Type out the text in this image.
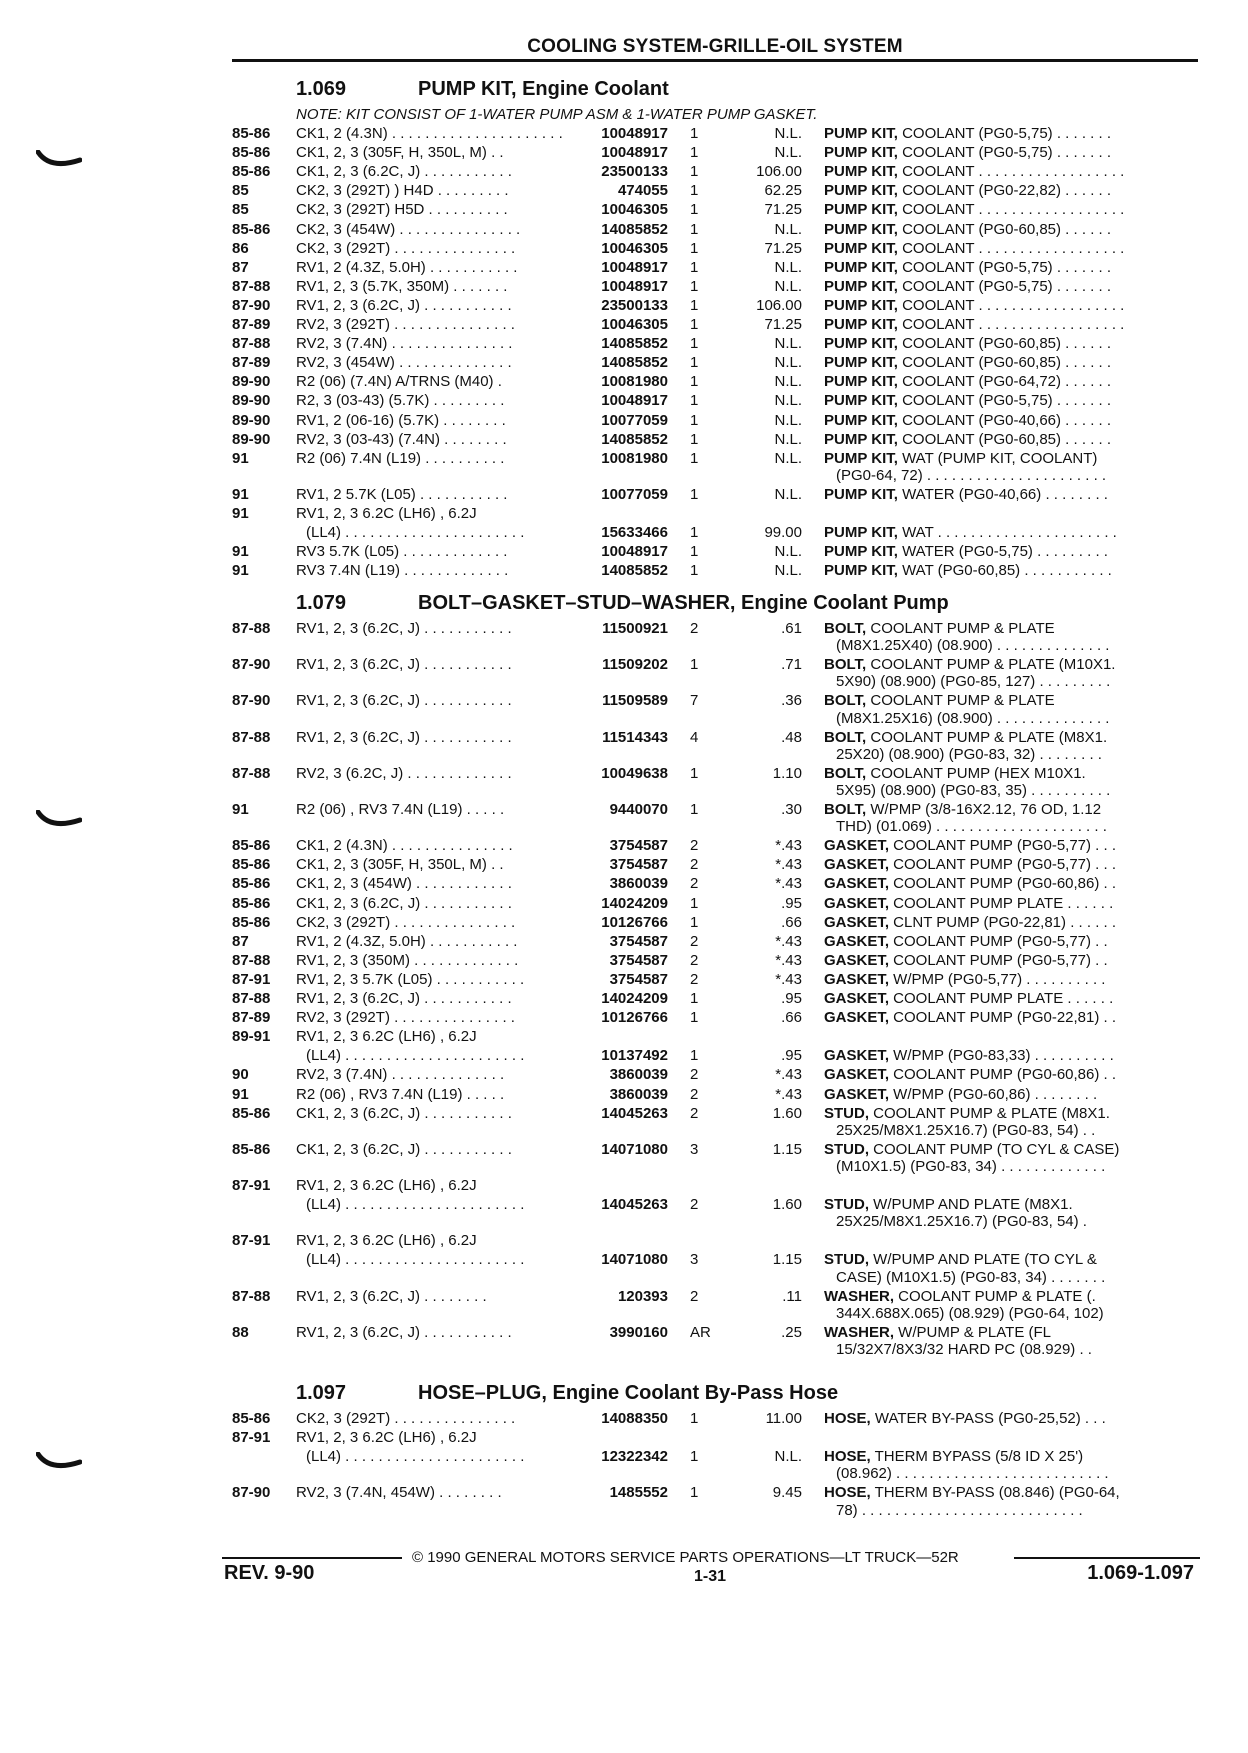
COOLING SYSTEM-GRILLE-OIL SYSTEM
1.069	PUMP KIT, Engine Coolant
NOTE: KIT CONSIST OF 1-WATER PUMP ASM & 1-WATER PUMP GASKET.
85-86	CK1, 2 (4.3N) . . . . . . . . . . . . . . . . . . . . .	10048917 1	N.L. PUMP KIT, COOLANT (PG0-5,75) . . . . . . .
85-86	CK1, 2, 3 (305F, H, 350L, M) . .	10048917 1	N.L. PUMP KIT, COOLANT (PG0-5,75) . . . . . . .
85-86	CK1, 2, 3 (6.2C, J) . . . . . . . . . . .	23500133 1	106.00 PUMP KIT, COOLANT . . . . . . . . . . . . . . . . . .
85	CK2, 3 (292T) ) H4D . . . . . . . . .	474055 1	62.25 PUMP KIT, COOLANT (PG0-22,82) . . . . . .
85	CK2, 3 (292T) H5D . . . . . . . . . .	10046305 1	71.25 PUMP KIT, COOLANT . . . . . . . . . . . . . . . . . .
85-86	CK2, 3 (454W) . . . . . . . . . . . . . . .	14085852 1	N.L. PUMP KIT, COOLANT (PG0-60,85) . . . . . .
86	CK2, 3 (292T) . . . . . . . . . . . . . . .	10046305 1	71.25 PUMP KIT, COOLANT . . . . . . . . . . . . . . . . . .
87	RV1, 2 (4.3Z, 5.0H) . . . . . . . . . . .	10048917 1	N.L. PUMP KIT, COOLANT (PG0-5,75) . . . . . . .
87-88	RV1, 2, 3 (5.7K, 350M) . . . . . . .	10048917 1	N.L. PUMP KIT, COOLANT (PG0-5,75) . . . . . . .
87-90	RV1, 2, 3 (6.2C, J) . . . . . . . . . . .	23500133 1	106.00 PUMP KIT, COOLANT . . . . . . . . . . . . . . . . . .
87-89	RV2, 3 (292T) . . . . . . . . . . . . . . .	10046305 1	71.25 PUMP KIT, COOLANT . . . . . . . . . . . . . . . . . .
87-88	RV2, 3 (7.4N) . . . . . . . . . . . . . . .	14085852 1	N.L. PUMP KIT, COOLANT (PG0-60,85) . . . . . .
87-89	RV2, 3 (454W) . . . . . . . . . . . . . .	14085852 1	N.L. PUMP KIT, COOLANT (PG0-60,85) . . . . . .
89-90	R2 (06) (7.4N) A/TRNS (M40) .	10081980 1	N.L. PUMP KIT, COOLANT (PG0-64,72) . . . . . .
89-90	R2, 3 (03-43) (5.7K) . . . . . . . . .	10048917 1	N.L. PUMP KIT, COOLANT (PG0-5,75) . . . . . . .
89-90	RV1, 2 (06-16) (5.7K) . . . . . . . .	10077059 1	N.L. PUMP KIT, COOLANT (PG0-40,66) . . . . . .
89-90	RV2, 3 (03-43) (7.4N) . . . . . . . .	14085852 1	N.L. PUMP KIT, COOLANT (PG0-60,85) . . . . . .
91	R2 (06) 7.4N (L19) . . . . . . . . . .	10081980 1	N.L. PUMP KIT, WAT (PUMP KIT, COOLANT)
(PG0-64, 72) . . . . . . . . . . . . . . . . . . . . . .
91	RV1, 2 5.7K (L05) . . . . . . . . . . .	10077059 1	N.L. PUMP KIT, WATER (PG0-40,66) . . . . . . . .
91	RV1, 2, 3 6.2C (LH6) , 6.2J
(LL4) . . . . . . . . . . . . . . . . . . . . . .	15633466 1	99.00 PUMP KIT, WAT . . . . . . . . . . . . . . . . . . . . . .
91	RV3 5.7K (L05) . . . . . . . . . . . . .	10048917 1	N.L. PUMP KIT, WATER (PG0-5,75) . . . . . . . . .
91	RV3 7.4N (L19) . . . . . . . . . . . . .	14085852 1	N.L. PUMP KIT, WAT (PG0-60,85) . . . . . . . . . . .
1.079	BOLT–GASKET–STUD–WASHER, Engine Coolant Pump
87-88	RV1, 2, 3 (6.2C, J) . . . . . . . . . . .	11500921 2	.61 BOLT, COOLANT PUMP & PLATE
(M8X1.25X40) (08.900) . . . . . . . . . . . . . .
87-90	RV1, 2, 3 (6.2C, J) . . . . . . . . . . .	11509202 1	.71 BOLT, COOLANT PUMP & PLATE (M10X1.
5X90) (08.900) (PG0-85, 127) . . . . . . . . .
87-90	RV1, 2, 3 (6.2C, J) . . . . . . . . . . .	11509589 7	.36 BOLT, COOLANT PUMP & PLATE
(M8X1.25X16) (08.900) . . . . . . . . . . . . . .
87-88	RV1, 2, 3 (6.2C, J) . . . . . . . . . . .	11514343 4	.48 BOLT, COOLANT PUMP & PLATE (M8X1.
25X20) (08.900) (PG0-83, 32) . . . . . . . .
87-88	RV2, 3 (6.2C, J) . . . . . . . . . . . . .	10049638 1	1.10 BOLT, COOLANT PUMP (HEX M10X1.
5X95) (08.900) (PG0-83, 35) . . . . . . . . . .
91	R2 (06) , RV3 7.4N (L19) . . . . .	9440070 1	.30 BOLT, W/PMP (3/8-16X2.12, 76 OD, 1.12
THD) (01.069) . . . . . . . . . . . . . . . . . . . . .
85-86	CK1, 2 (4.3N) . . . . . . . . . . . . . . .	3754587 2	*.43 GASKET, COOLANT PUMP (PG0-5,77) . . .
85-86	CK1, 2, 3 (305F, H, 350L, M) . .	3754587 2	*.43 GASKET, COOLANT PUMP (PG0-5,77) . . .
85-86	CK1, 2, 3 (454W) . . . . . . . . . . . .	3860039 2	*.43 GASKET, COOLANT PUMP (PG0-60,86) . .
85-86	CK1, 2, 3 (6.2C, J) . . . . . . . . . . .	14024209 1	.95 GASKET, COOLANT PUMP PLATE . . . . . .
85-86	CK2, 3 (292T) . . . . . . . . . . . . . . .	10126766 1	.66 GASKET, CLNT PUMP (PG0-22,81) . . . . . .
87	RV1, 2 (4.3Z, 5.0H) . . . . . . . . . . .	3754587 2	*.43 GASKET, COOLANT PUMP (PG0-5,77) . .
87-88	RV1, 2, 3 (350M) . . . . . . . . . . . . .	3754587 2	*.43 GASKET, COOLANT PUMP (PG0-5,77) . .
87-91	RV1, 2, 3 5.7K (L05) . . . . . . . . . . .	3754587 2	*.43 GASKET, W/PMP (PG0-5,77) . . . . . . . . . .
87-88	RV1, 2, 3 (6.2C, J) . . . . . . . . . . .	14024209 1	.95 GASKET, COOLANT PUMP PLATE . . . . . .
87-89	RV2, 3 (292T) . . . . . . . . . . . . . . .	10126766 1	.66 GASKET, COOLANT PUMP (PG0-22,81) . .
89-91	RV1, 2, 3 6.2C (LH6) , 6.2J
(LL4) . . . . . . . . . . . . . . . . . . . . . .	10137492 1	.95 GASKET, W/PMP (PG0-83,33) . . . . . . . . . .
90	RV2, 3 (7.4N) . . . . . . . . . . . . . .	3860039 2	*.43 GASKET, COOLANT PUMP (PG0-60,86) . .
91	R2 (06) , RV3 7.4N (L19) . . . . .	3860039 2	*.43 GASKET, W/PMP (PG0-60,86) . . . . . . . .
85-86	CK1, 2, 3 (6.2C, J) . . . . . . . . . . .	14045263 2	1.60 STUD, COOLANT PUMP & PLATE (M8X1.
25X25/M8X1.25X16.7) (PG0-83, 54) . .
85-86	CK1, 2, 3 (6.2C, J) . . . . . . . . . . .	14071080 3	1.15 STUD, COOLANT PUMP (TO CYL & CASE)
(M10X1.5) (PG0-83, 34) . . . . . . . . . . . . .
87-91	RV1, 2, 3 6.2C (LH6) , 6.2J
(LL4) . . . . . . . . . . . . . . . . . . . . . .	14045263 2	1.60 STUD, W/PUMP AND PLATE (M8X1.
25X25/M8X1.25X16.7) (PG0-83, 54) .
87-91	RV1, 2, 3 6.2C (LH6) , 6.2J
(LL4) . . . . . . . . . . . . . . . . . . . . . .	14071080 3	1.15 STUD, W/PUMP AND PLATE (TO CYL &
CASE) (M10X1.5) (PG0-83, 34) . . . . . . .
87-88	RV1, 2, 3 (6.2C, J) . . . . . . . .	120393 2	.11 WASHER, COOLANT PUMP & PLATE (.
344X.688X.065) (08.929) (PG0-64, 102)
88	RV1, 2, 3 (6.2C, J) . . . . . . . . . . .	3990160 AR	.25 WASHER, W/PUMP & PLATE (FL
15/32X7/8X3/32 HARD PC (08.929) . .
1.097	HOSE–PLUG, Engine Coolant By-Pass Hose
85-86	CK2, 3 (292T) . . . . . . . . . . . . . . .	14088350 1	11.00 HOSE, WATER BY-PASS (PG0-25,52) . . .
87-91	RV1, 2, 3 6.2C (LH6) , 6.2J
(LL4) . . . . . . . . . . . . . . . . . . . . . .	12322342 1	N.L. HOSE, THERM BYPASS (5/8 ID X 25')
(08.962) . . . . . . . . . . . . . . . . . . . . . . . . . .
87-90	RV2, 3 (7.4N, 454W) . . . . . . . .	1485552 1	9.45 HOSE, THERM BY-PASS (08.846) (PG0-64,
78) . . . . . . . . . . . . . . . . . . . . . . . . . . .
© 1990 GENERAL MOTORS SERVICE PARTS OPERATIONS—LT TRUCK—52R
REV. 9-90	1-31	1.069-1.097
